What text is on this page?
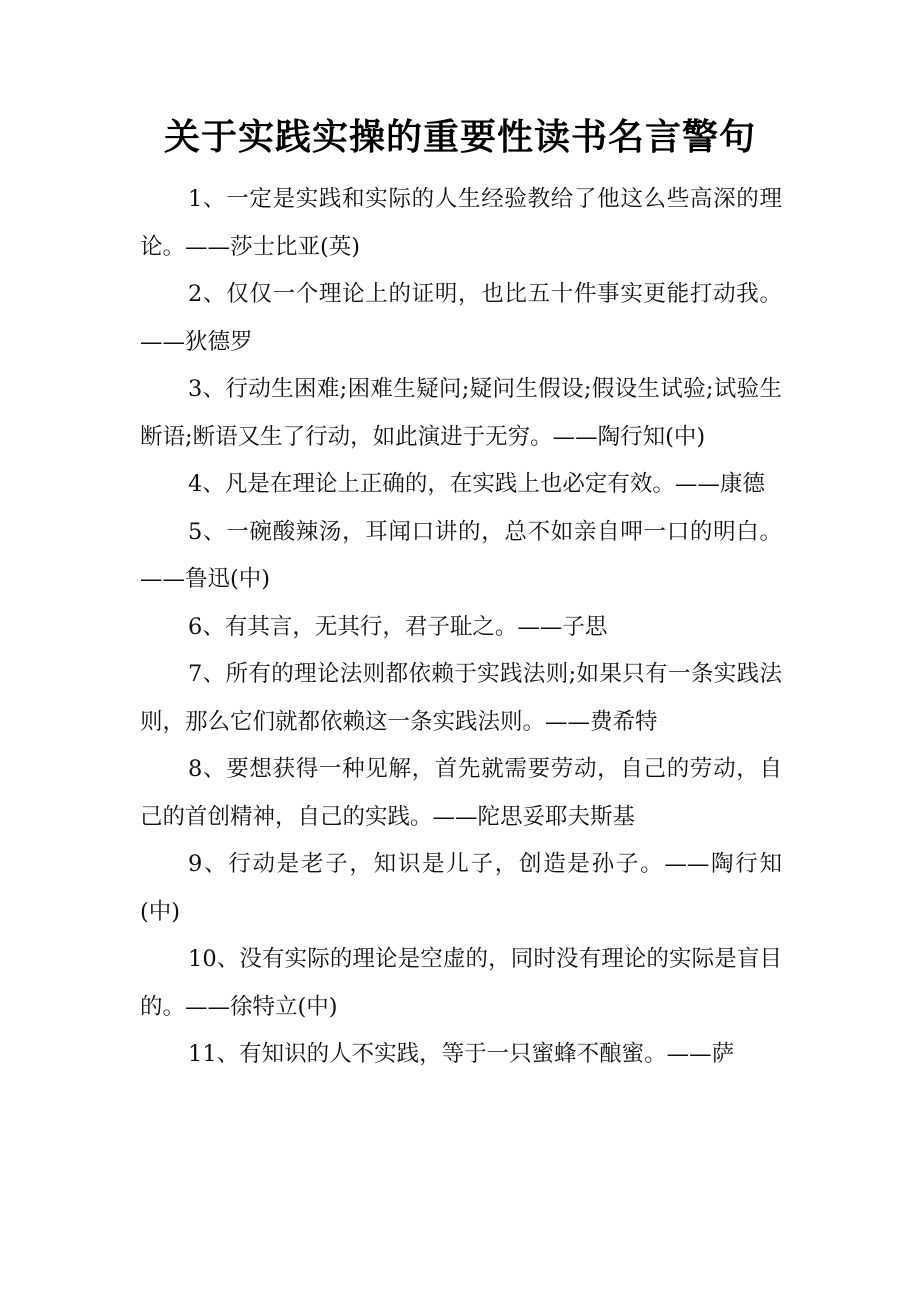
关于实践实操的重要性读书名言警句

1、一定是实践和实际的人生经验教给了他这么些高深的理论。——莎士比亚(英)

2、仅仅一个理论上的证明，也比五十件事实更能打动我。——狄德罗

3、行动生困难;困难生疑问;疑问生假设;假设生试验;试验生断语;断语又生了行动，如此演进于无穷。——陶行知(中)

4、凡是在理论上正确的，在实践上也必定有效。——康德

5、一碗酸辣汤，耳闻口讲的，总不如亲自呷一口的明白。——鲁迅(中)

6、有其言，无其行，君子耻之。——子思

7、所有的理论法则都依赖于实践法则;如果只有一条实践法则，那么它们就都依赖这一条实践法则。——费希特

8、要想获得一种见解，首先就需要劳动，自己的劳动，自己的首创精神，自己的实践。——陀思妥耶夫斯基

9、行动是老子，知识是儿子，创造是孙子。——陶行知(中)

10、没有实际的理论是空虚的，同时没有理论的实际是盲目的。——徐特立(中)

11、有知识的人不实践，等于一只蜜蜂不酿蜜。——萨
